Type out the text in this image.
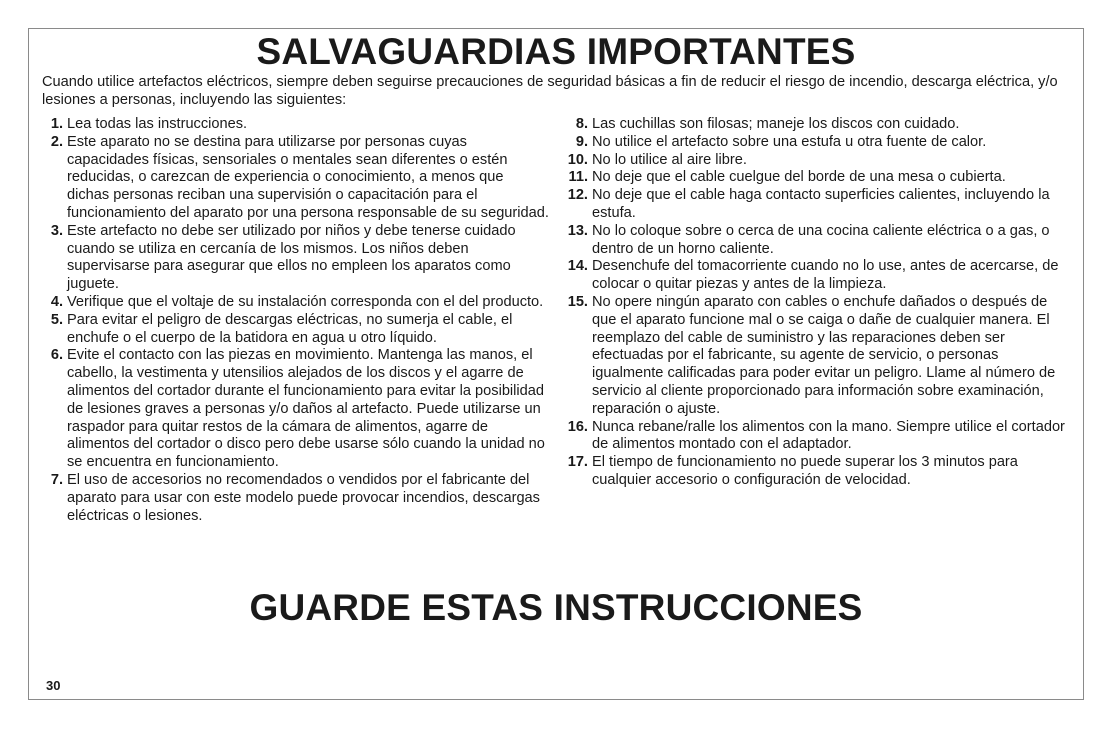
SALVAGUARDIAS IMPORTANTES

Cuando utilice artefactos eléctricos, siempre deben seguirse precauciones de seguridad básicas a fin de reducir el riesgo de incendio, descarga eléctrica, y/o lesiones a personas, incluyendo las siguientes:

1. Lea todas las instrucciones.
2. Este aparato no se destina para utilizarse por personas cuyas capacidades físicas, sensoriales o mentales sean diferentes o estén reducidas, o carezcan de experiencia o conocimiento, a menos que dichas personas reciban una supervisión o capacitación para el funcionamiento del aparato por una persona responsable de su seguridad.
3. Este artefacto no debe ser utilizado por niños y debe tenerse cuidado cuando se utiliza en cercanía de los mismos. Los niños deben supervisarse para asegurar que ellos no empleen los aparatos como juguete.
4. Verifique que el voltaje de su instalación corresponda con el del producto.
5. Para evitar el peligro de descargas eléctricas, no sumerja el cable, el enchufe o el cuerpo de la batidora en agua u otro líquido.
6. Evite el contacto con las piezas en movimiento. Mantenga las manos, el cabello, la vestimenta y utensilios alejados de los discos y el agarre de alimentos del cortador durante el funcionamiento para evitar la posibilidad de lesiones graves a personas y/o daños al artefacto. Puede utilizarse un raspador para quitar restos de la cámara de alimentos, agarre de alimentos del cortador o disco pero debe usarse sólo cuando la unidad no se encuentra en funcionamiento.
7. El uso de accesorios no recomendados o vendidos por el fabricante del aparato para usar con este modelo puede provocar incendios, descargas eléctricas o lesiones.
8. Las cuchillas son filosas; maneje los discos con cuidado.
9. No utilice el artefacto sobre una estufa u otra fuente de calor.
10. No lo utilice al aire libre.
11. No deje que el cable cuelgue del borde de una mesa o cubierta.
12. No deje que el cable haga contacto superficies calientes, incluyendo la estufa.
13. No lo coloque sobre o cerca de una cocina caliente eléctrica o a gas, o dentro de un horno caliente.
14. Desenchufe del tomacorriente cuando no lo use, antes de acercarse, de colocar o quitar piezas y antes de la limpieza.
15. No opere ningún aparato con cables o enchufe dañados o después de que el aparato funcione mal o se caiga o dañe de cualquier manera. El reemplazo del cable de suministro y las reparaciones deben ser efectuadas por el fabricante, su agente de servicio, o personas igualmente calificadas para poder evitar un peligro. Llame al número de servicio al cliente proporcionado para información sobre examinación, reparación o ajuste.
16. Nunca rebane/ralle los alimentos con la mano. Siempre utilice el cortador de alimentos montado con el adaptador.
17. El tiempo de funcionamiento no puede superar los 3 minutos para cualquier accesorio o configuración de velocidad.
GUARDE ESTAS INSTRUCCIONES
30
